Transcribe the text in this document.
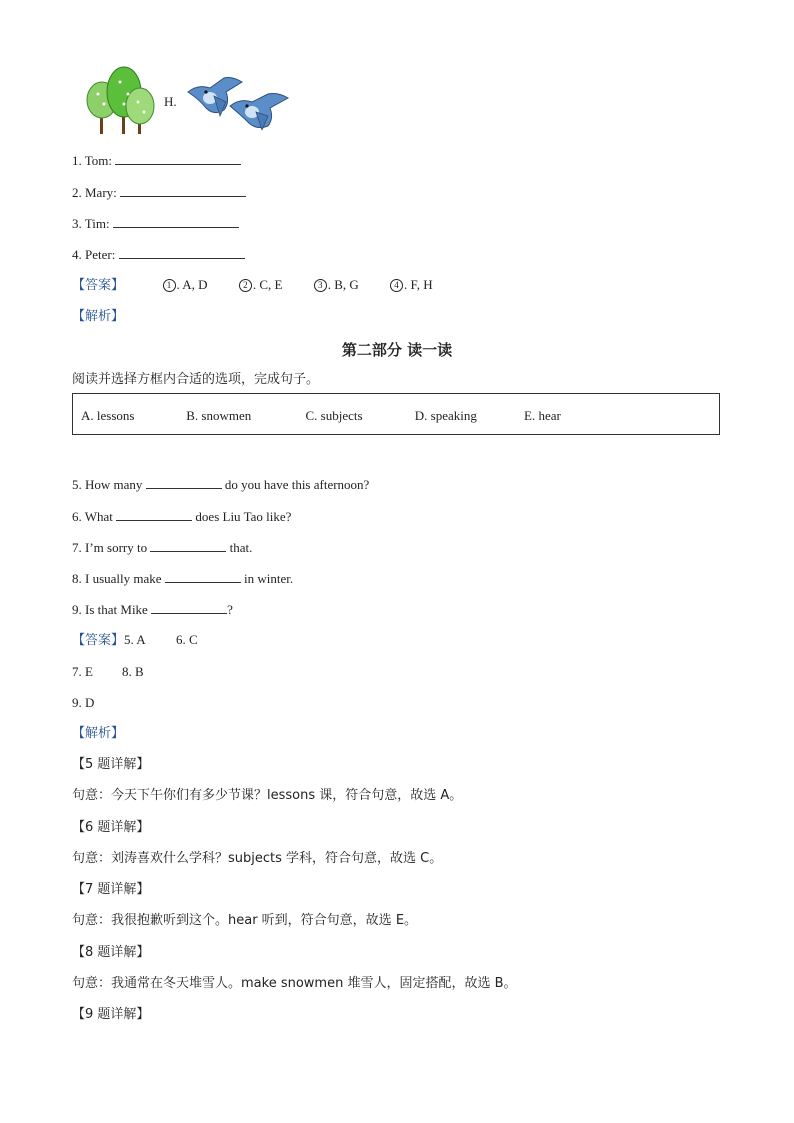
H.
1. Tom:
2. Mary:
3. Tim:
4. Peter:
【答案】	1 . A, D	2 . C, E	3 . B, G	4 . F, H
【解析】
第二部分 读一读
阅读并选择方框内合适的选项，完成句子。
A. lessons	B. snowmen	C. subjects	D. speaking	E. hear
5. How many	do you have this afternoon?
6. What	does Liu Tao like?
7. I’m sorry to	that.
8. I usually make	in winter.
9. Is that Mike	?
【答案】5. A 6. C
7. E 8. B
9. D
【解析】
【5 题详解】
句意：今天下午你们有多少节课？lessons 课，符合句意，故选 A。
【6 题详解】
句意：刘涛喜欢什么学科？subjects 学科，符合句意，故选 C。
【7 题详解】
句意：我很抱歉听到这个。hear 听到，符合句意，故选 E。
【8 题详解】
句意：我通常在冬天堆雪人。make snowmen 堆雪人，固定搭配，故选 B。
【9 题详解】
